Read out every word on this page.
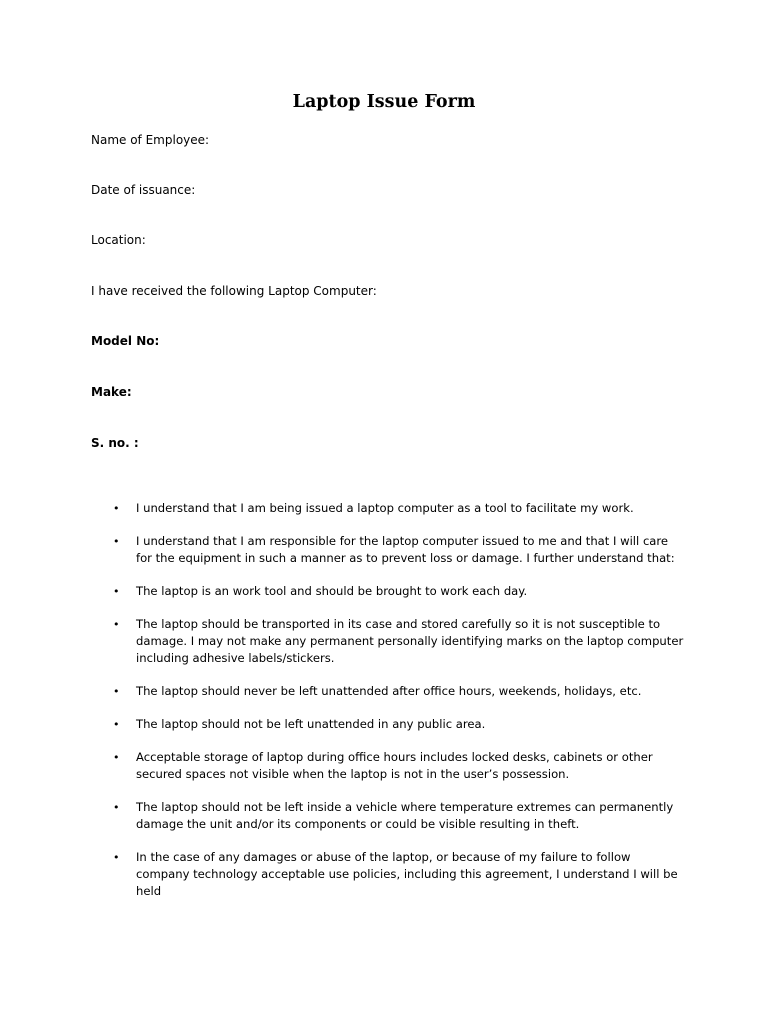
Laptop Issue Form
Name of Employee:
Date of issuance:
Location:
I have received the following Laptop Computer:
Model No:
Make:
S. no. :
• I understand that I am being issued a laptop computer as a tool to facilitate my work.
• I understand that I am responsible for the laptop computer issued to me and that I will care for the equipment in such a manner as to prevent loss or damage. I further understand that:
• The laptop is an work tool and should be brought to work each day.
• The laptop should be transported in its case and stored carefully so it is not susceptible to damage. I may not make any permanent personally identifying marks on the laptop computer including adhesive labels/stickers.
• The laptop should never be left unattended after office hours, weekends, holidays, etc.
• The laptop should not be left unattended in any public area.
• Acceptable storage of laptop during office hours includes locked desks, cabinets or other secured spaces not visible when the laptop is not in the user’s possession.
• The laptop should not be left inside a vehicle where temperature extremes can permanently damage the unit and/or its components or could be visible resulting in theft.
• In the case of any damages or abuse of the laptop, or because of my failure to follow company technology acceptable use policies, including this agreement, I understand I will be held
